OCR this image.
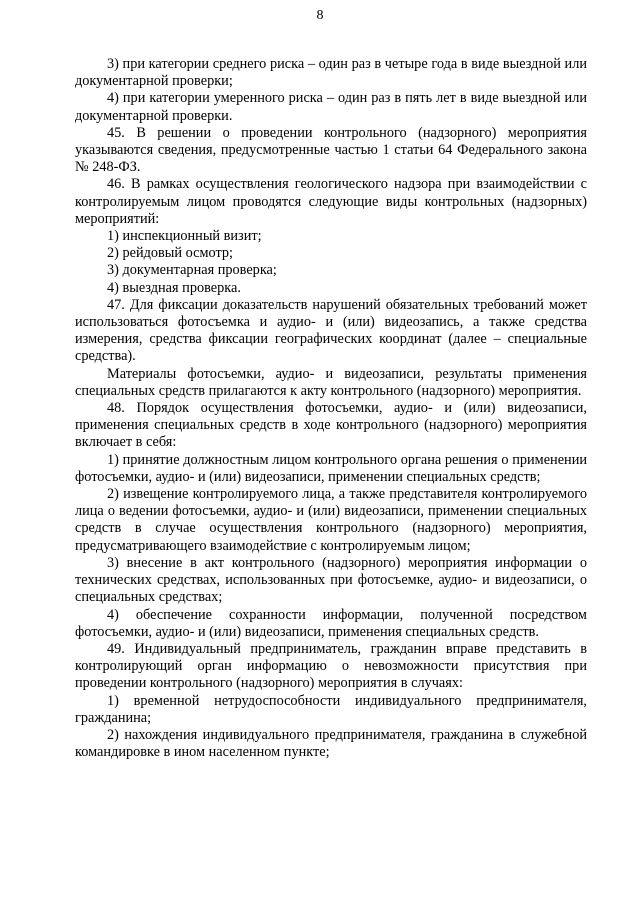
8

3) при категории среднего риска – один раз в четыре года в виде выездной или документарной проверки;

4) при категории умеренного риска – один раз в пять лет в виде выездной или документарной проверки.

45. В решении о проведении контрольного (надзорного) мероприятия указываются сведения, предусмотренные частью 1 статьи 64 Федерального закона № 248-ФЗ.

46. В рамках осуществления геологического надзора при взаимодействии с контролируемым лицом проводятся следующие виды контрольных (надзорных) мероприятий:

1) инспекционный визит;

2) рейдовый осмотр;

3) документарная проверка;

4) выездная проверка.

47. Для фиксации доказательств нарушений обязательных требований может использоваться фотосъемка и аудио- и (или) видеозапись, а также средства измерения, средства фиксации географических координат (далее – специальные средства).

Материалы фотосъемки, аудио- и видеозаписи, результаты применения специальных средств прилагаются к акту контрольного (надзорного) мероприятия.

48. Порядок осуществления фотосъемки, аудио- и (или) видеозаписи, применения специальных средств в ходе контрольного (надзорного) мероприятия включает в себя:

1) принятие должностным лицом контрольного органа решения о применении фотосъемки, аудио- и (или) видеозаписи, применении специальных средств;

2) извещение контролируемого лица, а также представителя контролируемого лица о ведении фотосъемки, аудио- и (или) видеозаписи, применении специальных средств в случае осуществления контрольного (надзорного) мероприятия, предусматривающего взаимодействие с контролируемым лицом;

3) внесение в акт контрольного (надзорного) мероприятия информации о технических средствах, использованных при фотосъемке, аудио- и видеозаписи, о специальных средствах;

4) обеспечение сохранности информации, полученной посредством фотосъемки, аудио- и (или) видеозаписи, применения специальных средств.

49. Индивидуальный предприниматель, гражданин вправе представить в контролирующий орган информацию о невозможности присутствия при проведении контрольного (надзорного) мероприятия в случаях:

1) временной нетрудоспособности индивидуального предпринимателя, гражданина;

2) нахождения индивидуального предпринимателя, гражданина в служебной командировке в ином населенном пункте;
